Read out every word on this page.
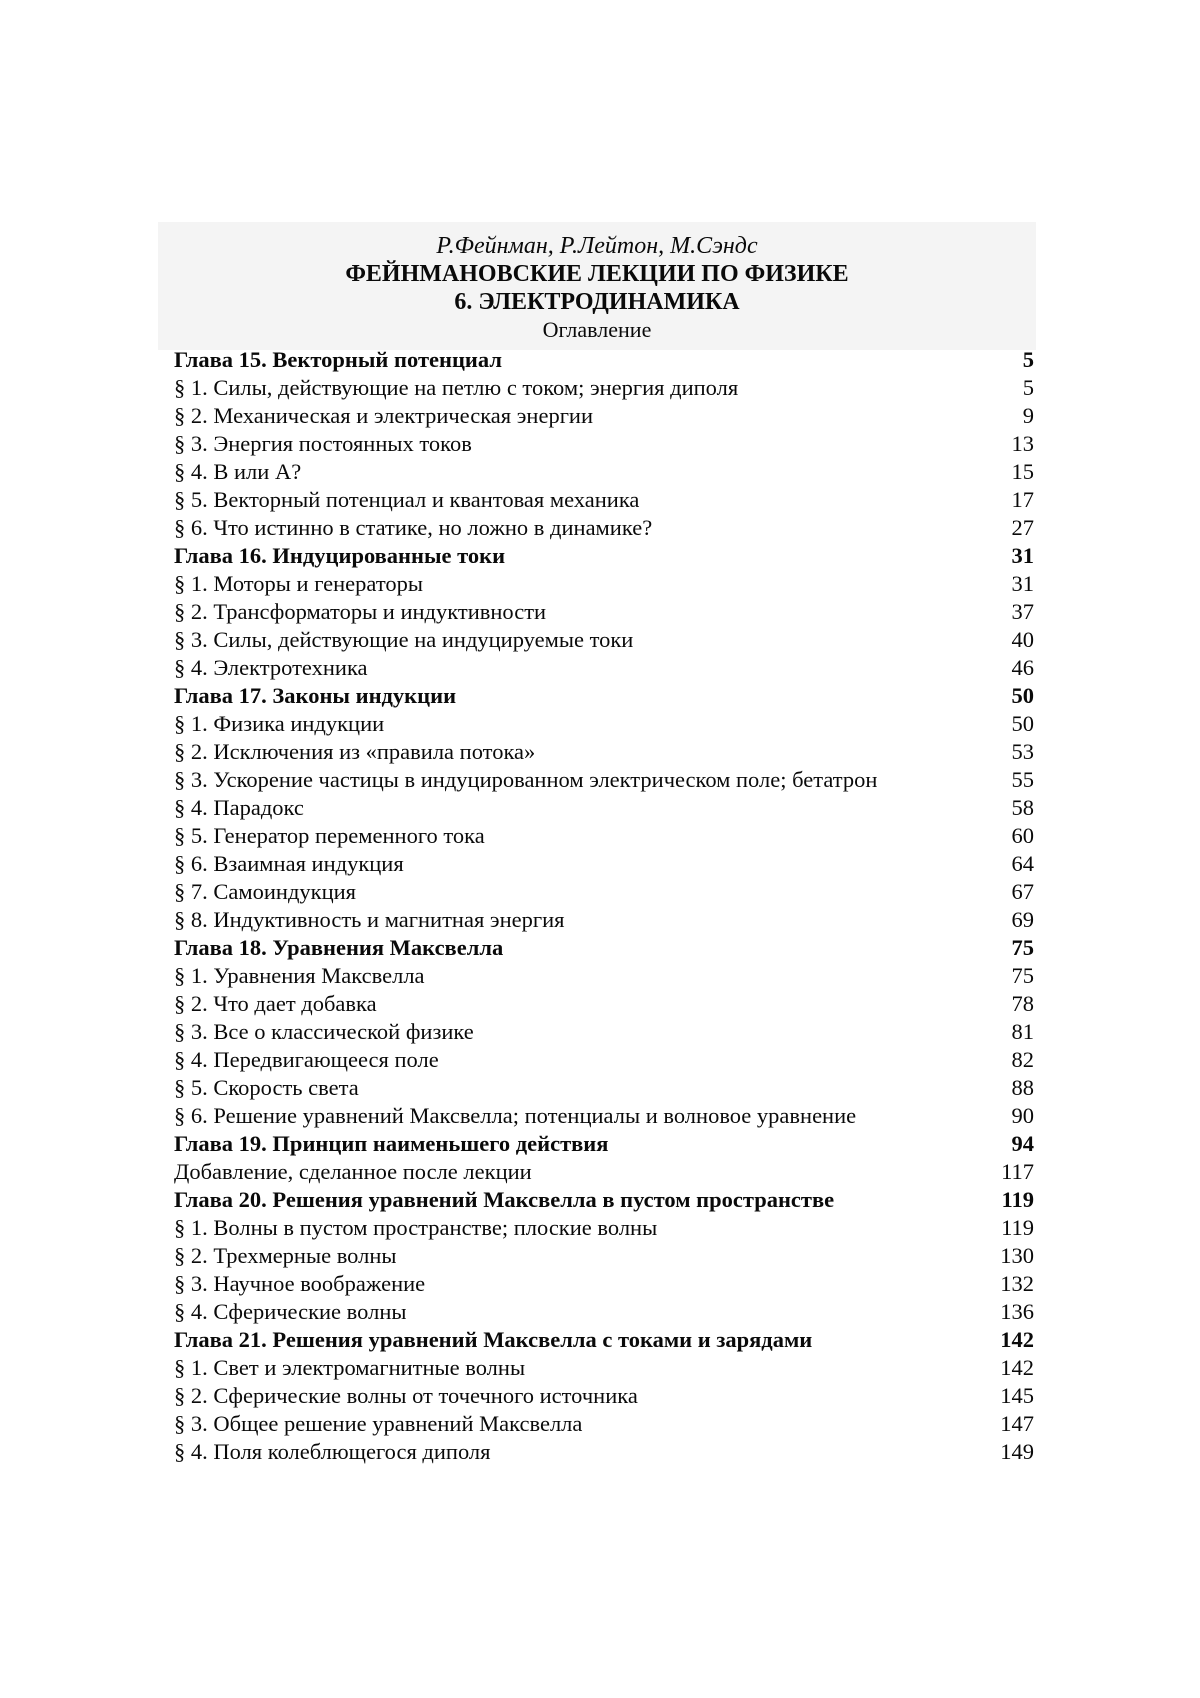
Р.Фейнман, Р.Лейтон, М.Сэндс
ФЕЙНМАНОВСКИЕ ЛЕКЦИИ ПО ФИЗИКЕ
6. ЭЛЕКТРОДИНАМИКА
Оглавление
Глава 15. Векторный потенциал	5
§ 1. Силы, действующие на петлю с током; энергия диполя	5
§ 2. Механическая и электрическая энергии	9
§ 3. Энергия постоянных токов	13
§ 4. В или А?	15
§ 5. Векторный потенциал и квантовая механика	17
§ 6. Что истинно в статике, но ложно в динамике?	27
Глава 16. Индуцированные токи	31
§ 1. Моторы и генераторы	31
§ 2. Трансформаторы и индуктивности	37
§ 3. Силы, действующие на индуцируемые токи	40
§ 4. Электротехника	46
Глава 17. Законы индукции	50
§ 1. Физика индукции	50
§ 2. Исключения из «правила потока»	53
§ 3. Ускорение частицы в индуцированном электрическом поле; бетатрон	55
§ 4. Парадокс	58
§ 5. Генератор переменного тока	60
§ 6. Взаимная индукция	64
§ 7. Самоиндукция	67
§ 8. Индуктивность и магнитная энергия	69
Глава 18. Уравнения Максвелла	75
§ 1. Уравнения Максвелла	75
§ 2. Что дает добавка	78
§ 3. Все о классической физике	81
§ 4. Передвигающееся поле	82
§ 5. Скорость света	88
§ 6. Решение уравнений Максвелла; потенциалы и волновое уравнение	90
Глава 19. Принцип наименьшего действия	94
Добавление, сделанное после лекции	117
Глава 20. Решения уравнений Максвелла в пустом пространстве	119
§ 1. Волны в пустом пространстве; плоские волны	119
§ 2. Трехмерные волны	130
§ 3. Научное воображение	132
§ 4. Сферические волны	136
Глава 21. Решения уравнений Максвелла с токами и зарядами	142
§ 1. Свет и электромагнитные волны	142
§ 2. Сферические волны от точечного источника	145
§ 3. Общее решение уравнений Максвелла	147
§ 4. Поля колеблющегося диполя	149
